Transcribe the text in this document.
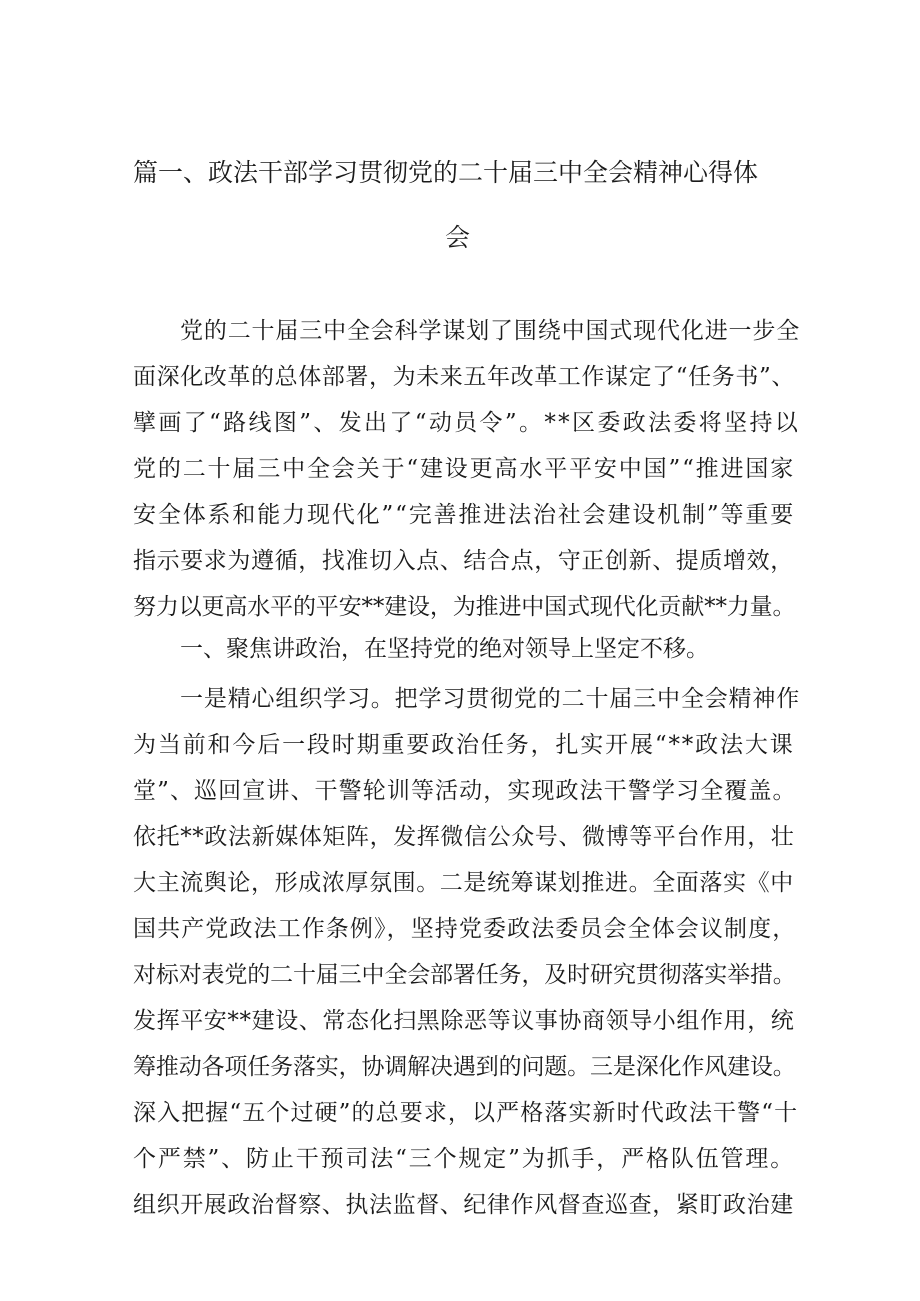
篇一、政法干部学习贯彻党的二十届三中全会精神心得体
会
党的二十届三中全会科学谋划了围绕中国式现代化进一步全
面深化改革的总体部署，为未来五年改革工作谋定了“任务书”、
擘画了“路线图”、发出了“动员令”。**区委政法委将坚持以
党的二十届三中全会关于“建设更高水平平安中国”“推进国家
安全体系和能力现代化”“完善推进法治社会建设机制”等重要
指示要求为遵循，找准切入点、结合点，守正创新、提质增效，
努力以更高水平的平安**建设，为推进中国式现代化贡献**力量。
一、聚焦讲政治，在坚持党的绝对领导上坚定不移。
一是精心组织学习。把学习贯彻党的二十届三中全会精神作
为当前和今后一段时期重要政治任务，扎实开展“**政法大课
堂”、巡回宣讲、干警轮训等活动，实现政法干警学习全覆盖。
依托**政法新媒体矩阵，发挥微信公众号、微博等平台作用，壮
大主流舆论，形成浓厚氛围。二是统筹谋划推进。全面落实《中
国共产党政法工作条例》，坚持党委政法委员会全体会议制度，
对标对表党的二十届三中全会部署任务，及时研究贯彻落实举措。
发挥平安**建设、常态化扫黑除恶等议事协商领导小组作用，统
筹推动各项任务落实，协调解决遇到的问题。三是深化作风建设。
深入把握“五个过硬”的总要求，以严格落实新时代政法干警“十
个严禁”、防止干预司法“三个规定”为抓手，严格队伍管理。
组织开展政治督察、执法监督、纪律作风督查巡查，紧盯政治建
